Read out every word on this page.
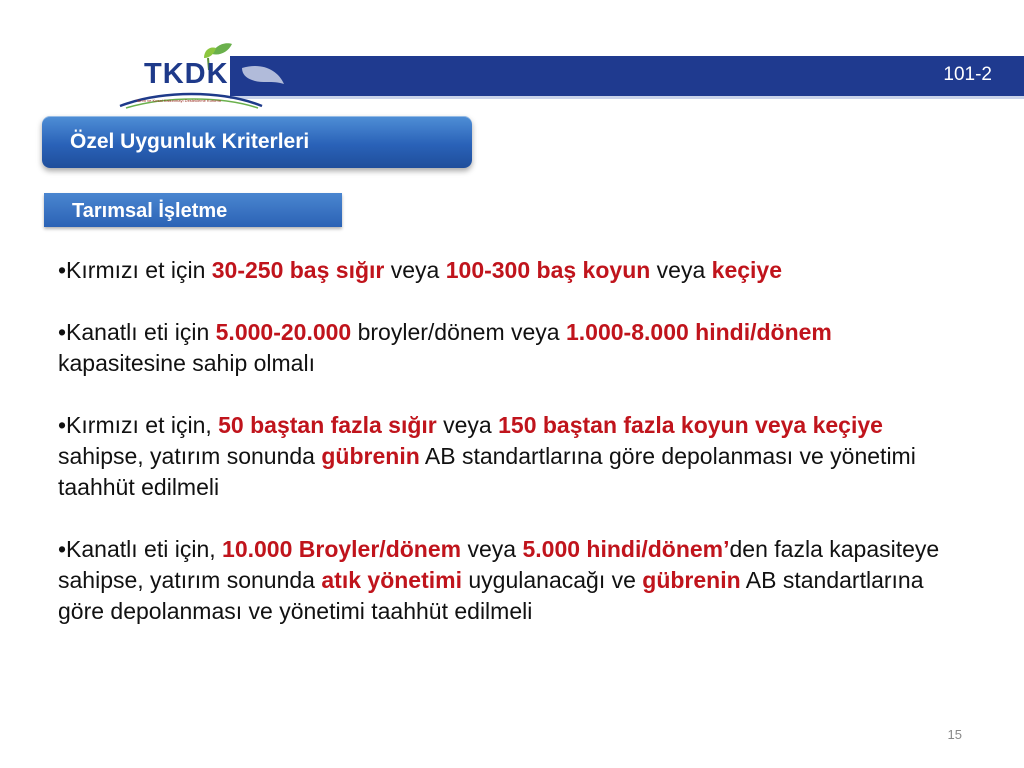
101-2
TKDK
Tarım ve Kırsal Kalkınmayı Destekleme Kurumu
Özel Uygunluk Kriterleri
Tarımsal İşletme

•Kırmızı et için 30-250 baş sığır veya 100-300 baş koyun veya keçiye

•Kanatlı eti için 5.000-20.000 broyler/dönem veya 1.000-8.000 hindi/dönem kapasitesine sahip olmalı

•Kırmızı et için, 50 baştan fazla sığır veya 150 baştan fazla koyun veya keçiye sahipse, yatırım sonunda gübrenin AB standartlarına göre depolanması ve yönetimi taahhüt edilmeli

•Kanatlı eti için, 10.000 Broyler/dönem veya 5.000 hindi/dönem’den fazla kapasiteye sahipse, yatırım sonunda atık yönetimi uygulanacağı ve gübrenin AB standartlarına göre depolanması ve yönetimi taahhüt edilmeli

15
